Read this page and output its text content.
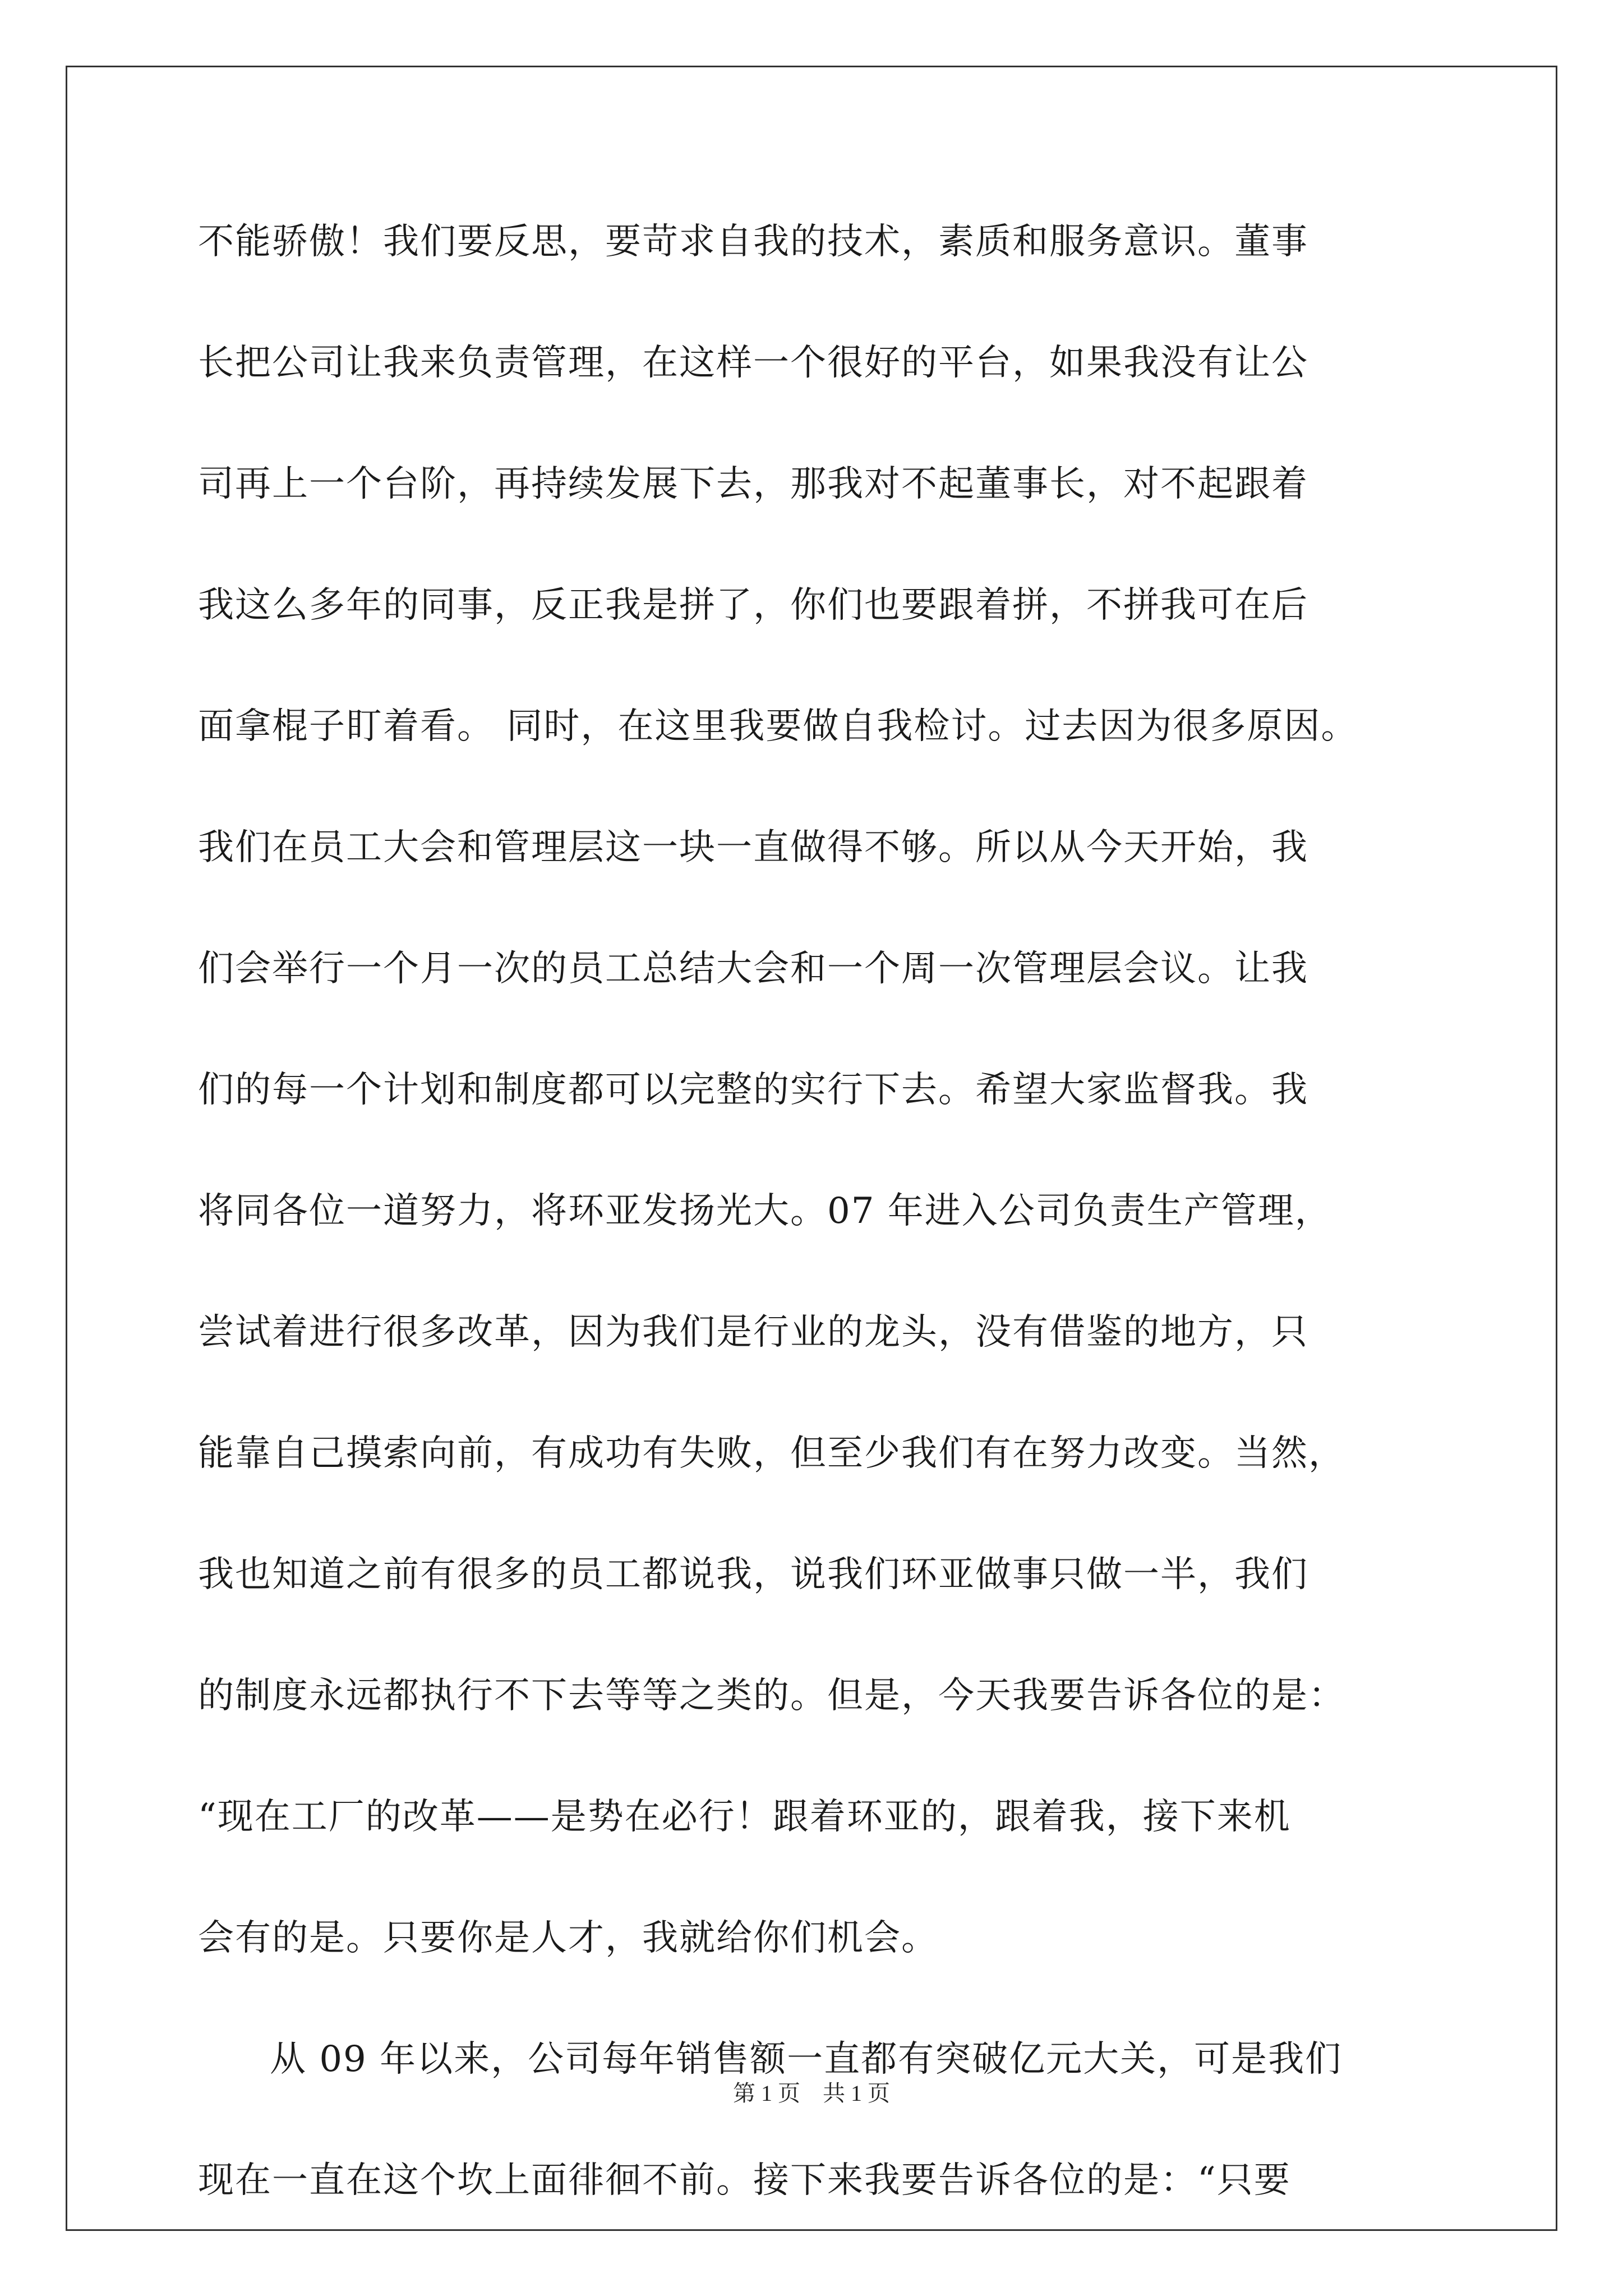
不能骄傲！我们要反思，要苛求自我的技术，素质和服务意识。董事
长把公司让我来负责管理，在这样一个很好的平台，如果我没有让公
司再上一个台阶，再持续发展下去，那我对不起董事长，对不起跟着
我这么多年的同事，反正我是拼了，你们也要跟着拼，不拼我可在后
面拿棍子盯着看。 同时，在这里我要做自我检讨。过去因为很多原因。
我们在员工大会和管理层这一块一直做得不够。所以从今天开始，我
们会举行一个月一次的员工总结大会和一个周一次管理层会议。让我
们的每一个计划和制度都可以完整的实行下去。希望大家监督我。我
将同各位一道努力，将环亚发扬光大。07 年进入公司负责生产管理，
尝试着进行很多改革，因为我们是行业的龙头，没有借鉴的地方，只
能靠自己摸索向前，有成功有失败，但至少我们有在努力改变。当然，
我也知道之前有很多的员工都说我，说我们环亚做事只做一半，我们
的制度永远都执行不下去等等之类的。但是，今天我要告诉各位的是：
“现在工厂的改革——是势在必行！跟着环亚的，跟着我，接下来机
会有的是。只要你是人才，我就给你们机会。
从 09 年以来，公司每年销售额一直都有突破亿元大关，可是我们
现在一直在这个坎上面徘徊不前。接下来我要告诉各位的是：“只要
第 1 页　共 1 页
